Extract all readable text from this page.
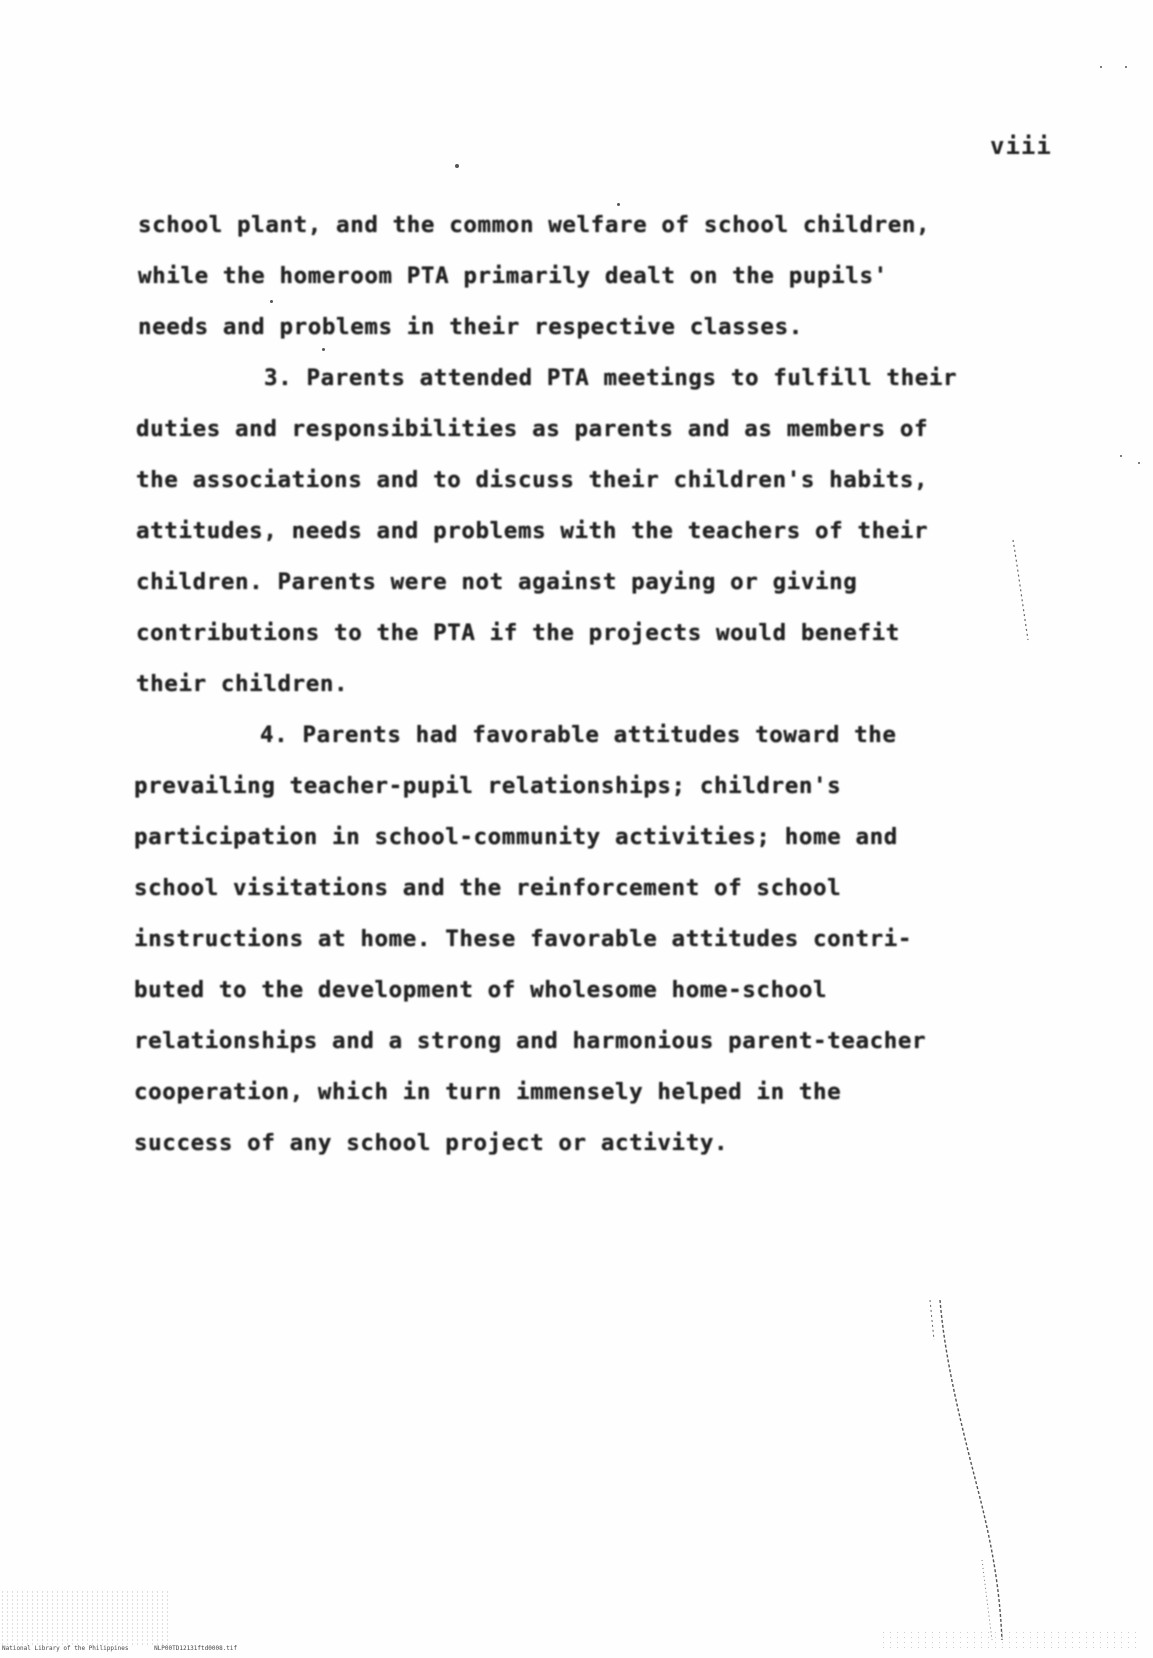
viii
school plant, and the common welfare of school children,
while the homeroom PTA primarily dealt on the pupils'
needs and problems in their respective classes.
3. Parents attended PTA meetings to fulfill their
duties and responsibilities as parents and as members of
the associations and to discuss their children's habits,
attitudes, needs and problems with the teachers of their
children. Parents were not against paying or giving
contributions to the PTA if the projects would benefit
their children.
4. Parents had favorable attitudes toward the
prevailing teacher-pupil relationships; children's
participation in school-community activities; home and
school visitations and the reinforcement of school
instructions at home. These favorable attitudes contri-
buted to the development of wholesome home-school
relationships and a strong and harmonious parent-teacher
cooperation, which in turn immensely helped in the
success of any school project or activity.
National Library of the Philippines	NLP00TD12131ftd0008.tif
